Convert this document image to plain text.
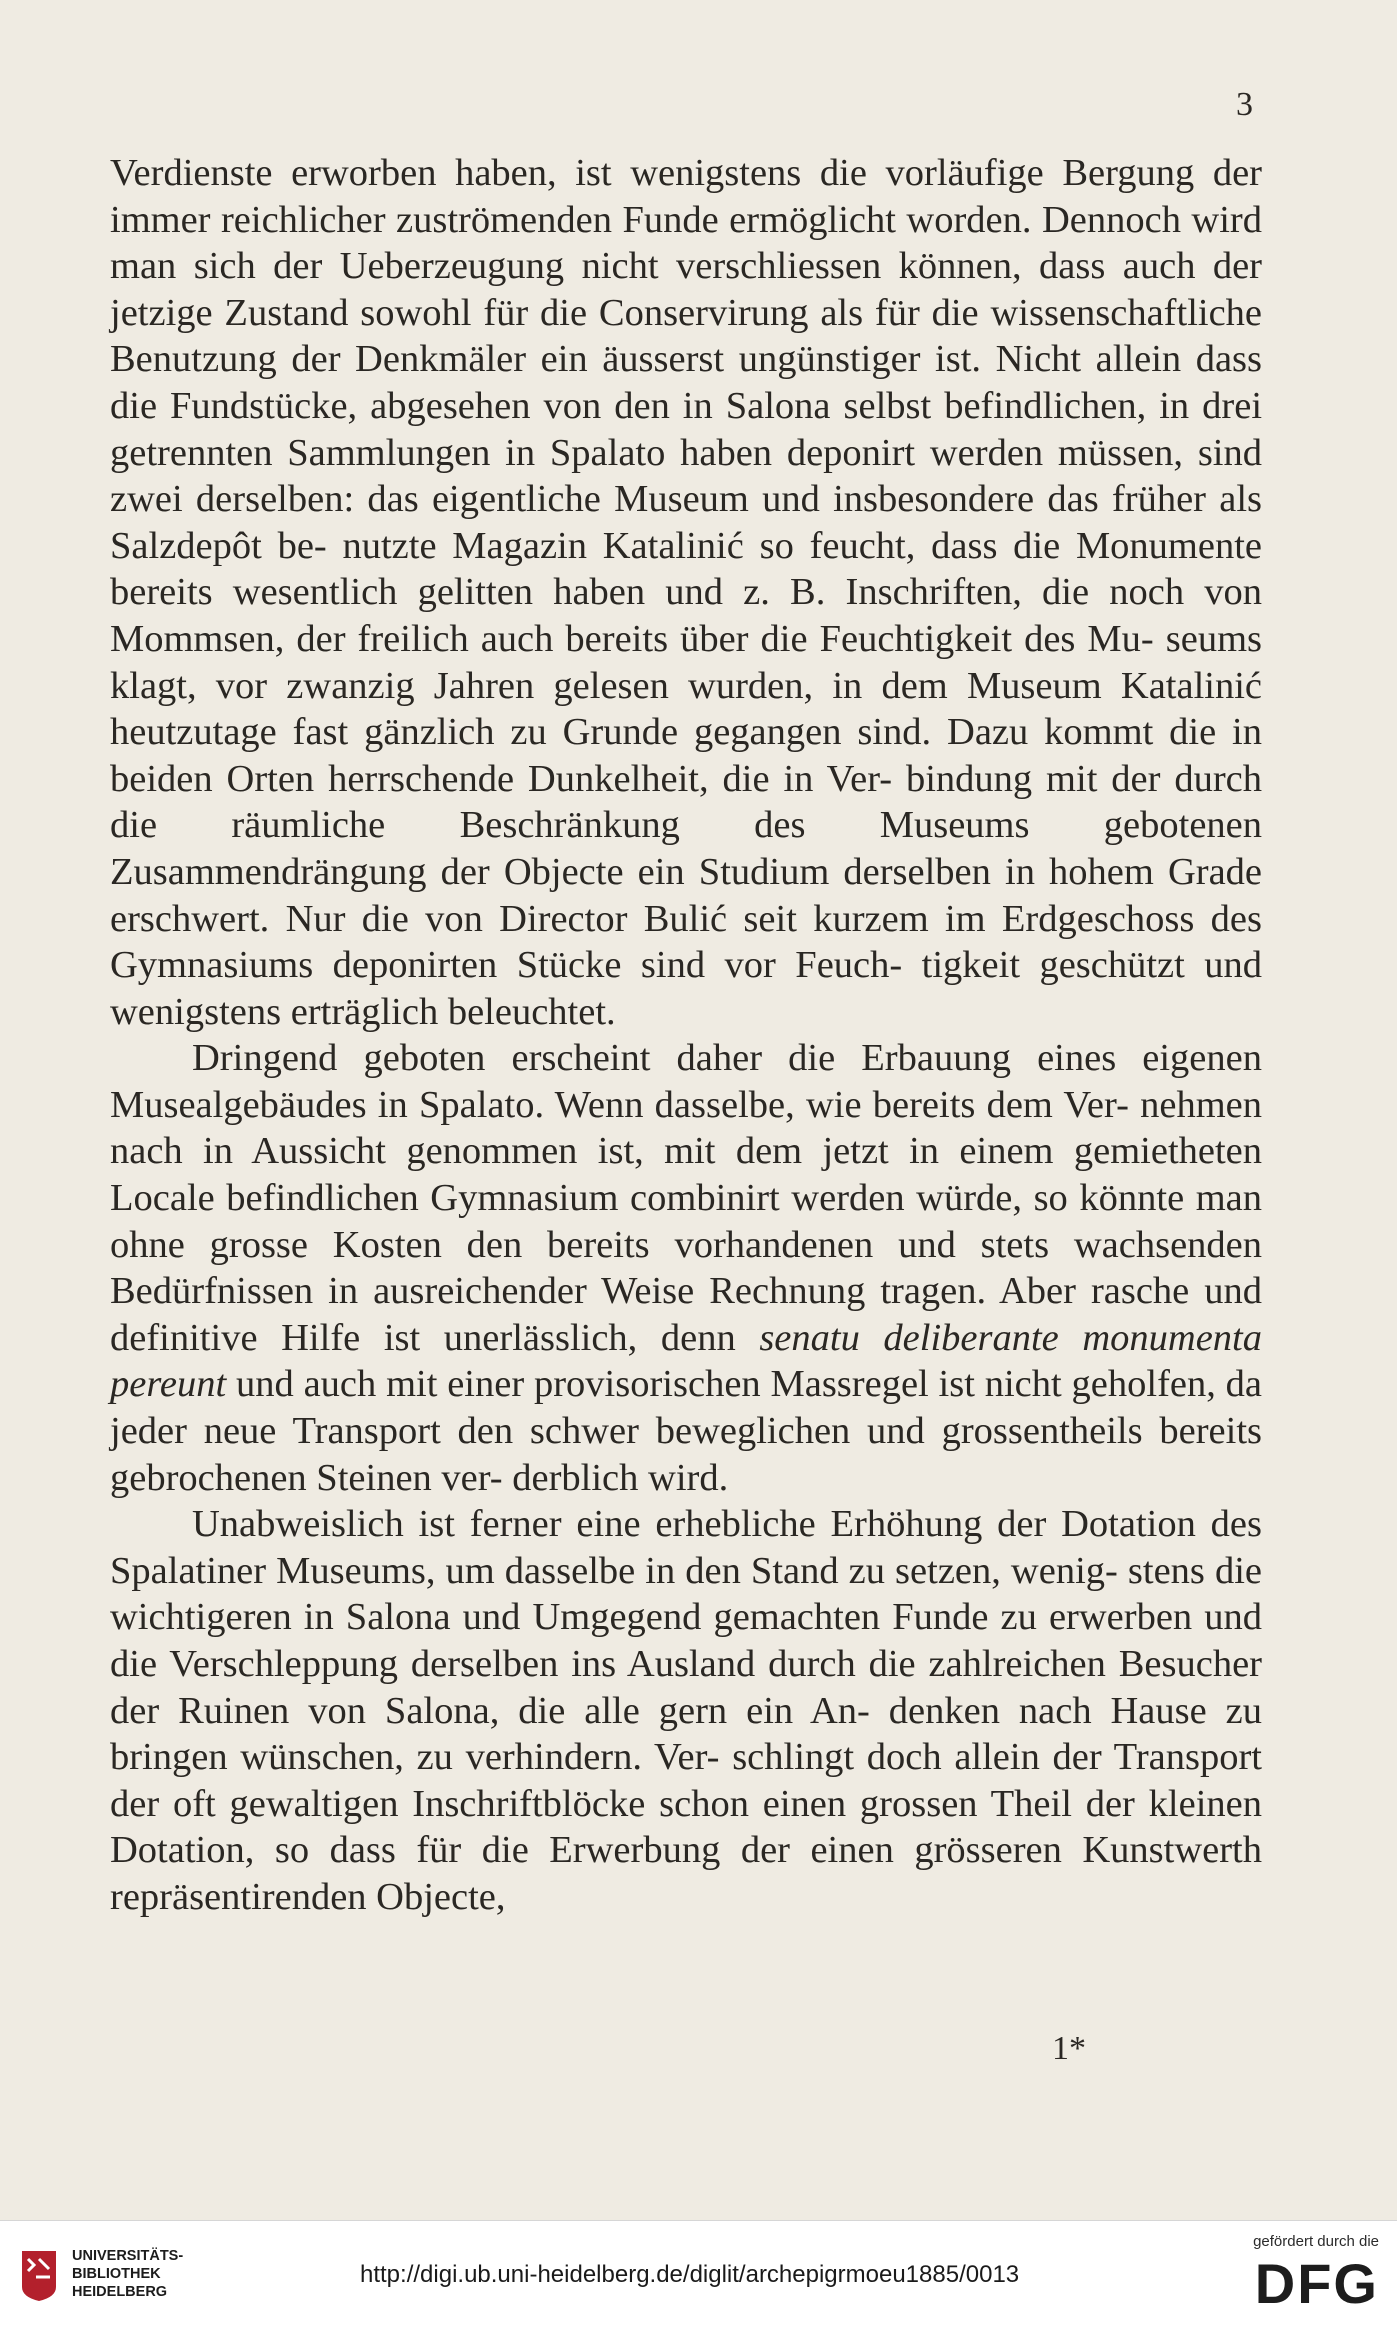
3

Verdienste erworben haben, ist wenigstens die vorläufige Bergung der immer reichlicher zuströmenden Funde ermöglicht worden. Dennoch wird man sich der Ueberzeugung nicht verschliessen können, dass auch der jetzige Zustand sowohl für die Conservirung als für die wissenschaftliche Benutzung der Denkmäler ein äusserst ungünstiger ist. Nicht allein dass die Fundstücke, abgesehen von den in Salona selbst befindlichen, in drei getrennten Sammlungen in Spalato haben deponirt werden müssen, sind zwei derselben: das eigentliche Museum und insbesondere das früher als Salzdepôt be- nutzte Magazin Katalinić so feucht, dass die Monumente bereits wesentlich gelitten haben und z. B. Inschriften, die noch von Mommsen, der freilich auch bereits über die Feuchtigkeit des Mu- seums klagt, vor zwanzig Jahren gelesen wurden, in dem Museum Katalinić heutzutage fast gänzlich zu Grunde gegangen sind. Dazu kommt die in beiden Orten herrschende Dunkelheit, die in Ver- bindung mit der durch die räumliche Beschränkung des Museums gebotenen Zusammendrängung der Objecte ein Studium derselben in hohem Grade erschwert. Nur die von Director Bulić seit kurzem im Erdgeschoss des Gymnasiums deponirten Stücke sind vor Feuch- tigkeit geschützt und wenigstens erträglich beleuchtet.

Dringend geboten erscheint daher die Erbauung eines eigenen Musealgebäudes in Spalato. Wenn dasselbe, wie bereits dem Ver- nehmen nach in Aussicht genommen ist, mit dem jetzt in einem gemietheten Locale befindlichen Gymnasium combinirt werden würde, so könnte man ohne grosse Kosten den bereits vorhandenen und stets wachsenden Bedürfnissen in ausreichender Weise Rechnung tragen. Aber rasche und definitive Hilfe ist unerlässlich, denn senatu deliberante monumenta pereunt und auch mit einer provisorischen Massregel ist nicht geholfen, da jeder neue Transport den schwer beweglichen und grossentheils bereits gebrochenen Steinen ver- derblich wird.

Unabweislich ist ferner eine erhebliche Erhöhung der Dotation des Spalatiner Museums, um dasselbe in den Stand zu setzen, wenig- stens die wichtigeren in Salona und Umgegend gemachten Funde zu erwerben und die Verschleppung derselben ins Ausland durch die zahlreichen Besucher der Ruinen von Salona, die alle gern ein An- denken nach Hause zu bringen wünschen, zu verhindern. Ver- schlingt doch allein der Transport der oft gewaltigen Inschriftblöcke schon einen grossen Theil der kleinen Dotation, so dass für die Erwerbung der einen grösseren Kunstwerth repräsentirenden Objecte,

1*
UNIVERSITÄTS-
BIBLIOTHEK
HEIDELBERG
http://digi.ub.uni-heidelberg.de/diglit/archepigrmoeu1885/0013
gefördert durch die
DFG
